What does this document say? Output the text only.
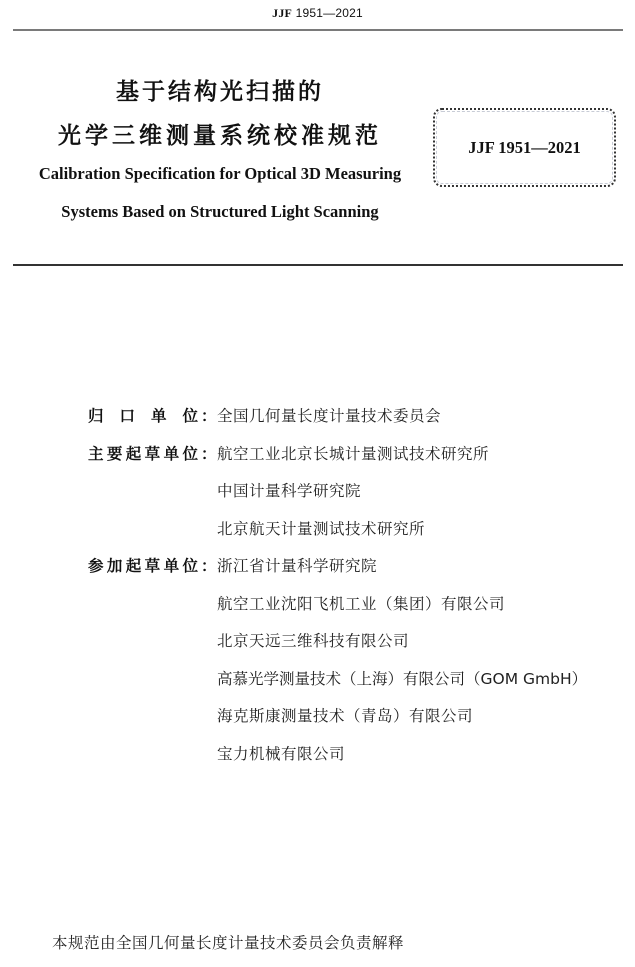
JJF 1951—2021
基于结构光扫描的
光学三维测量系统校准规范
Calibration Specification for Optical 3D Measuring
Systems Based on Structured Light Scanning
JJF 1951—2021
归 口 单 位 ： 全国几何量长度计量技术委员会
主 要 起 草 单 位 ： 航空工业北京长城计量测试技术研究所
中国计量科学研究院
北京航天计量测试技术研究所
参 加 起 草 单 位 ： 浙江省计量科学研究院
航空工业沈阳飞机工业（集团）有限公司
北京天远三维科技有限公司
高慕光学测量技术（上海）有限公司（GOM GmbH）
海克斯康测量技术（青岛）有限公司
宝力机械有限公司
本规范由全国几何量长度计量技术委员会负责解释
